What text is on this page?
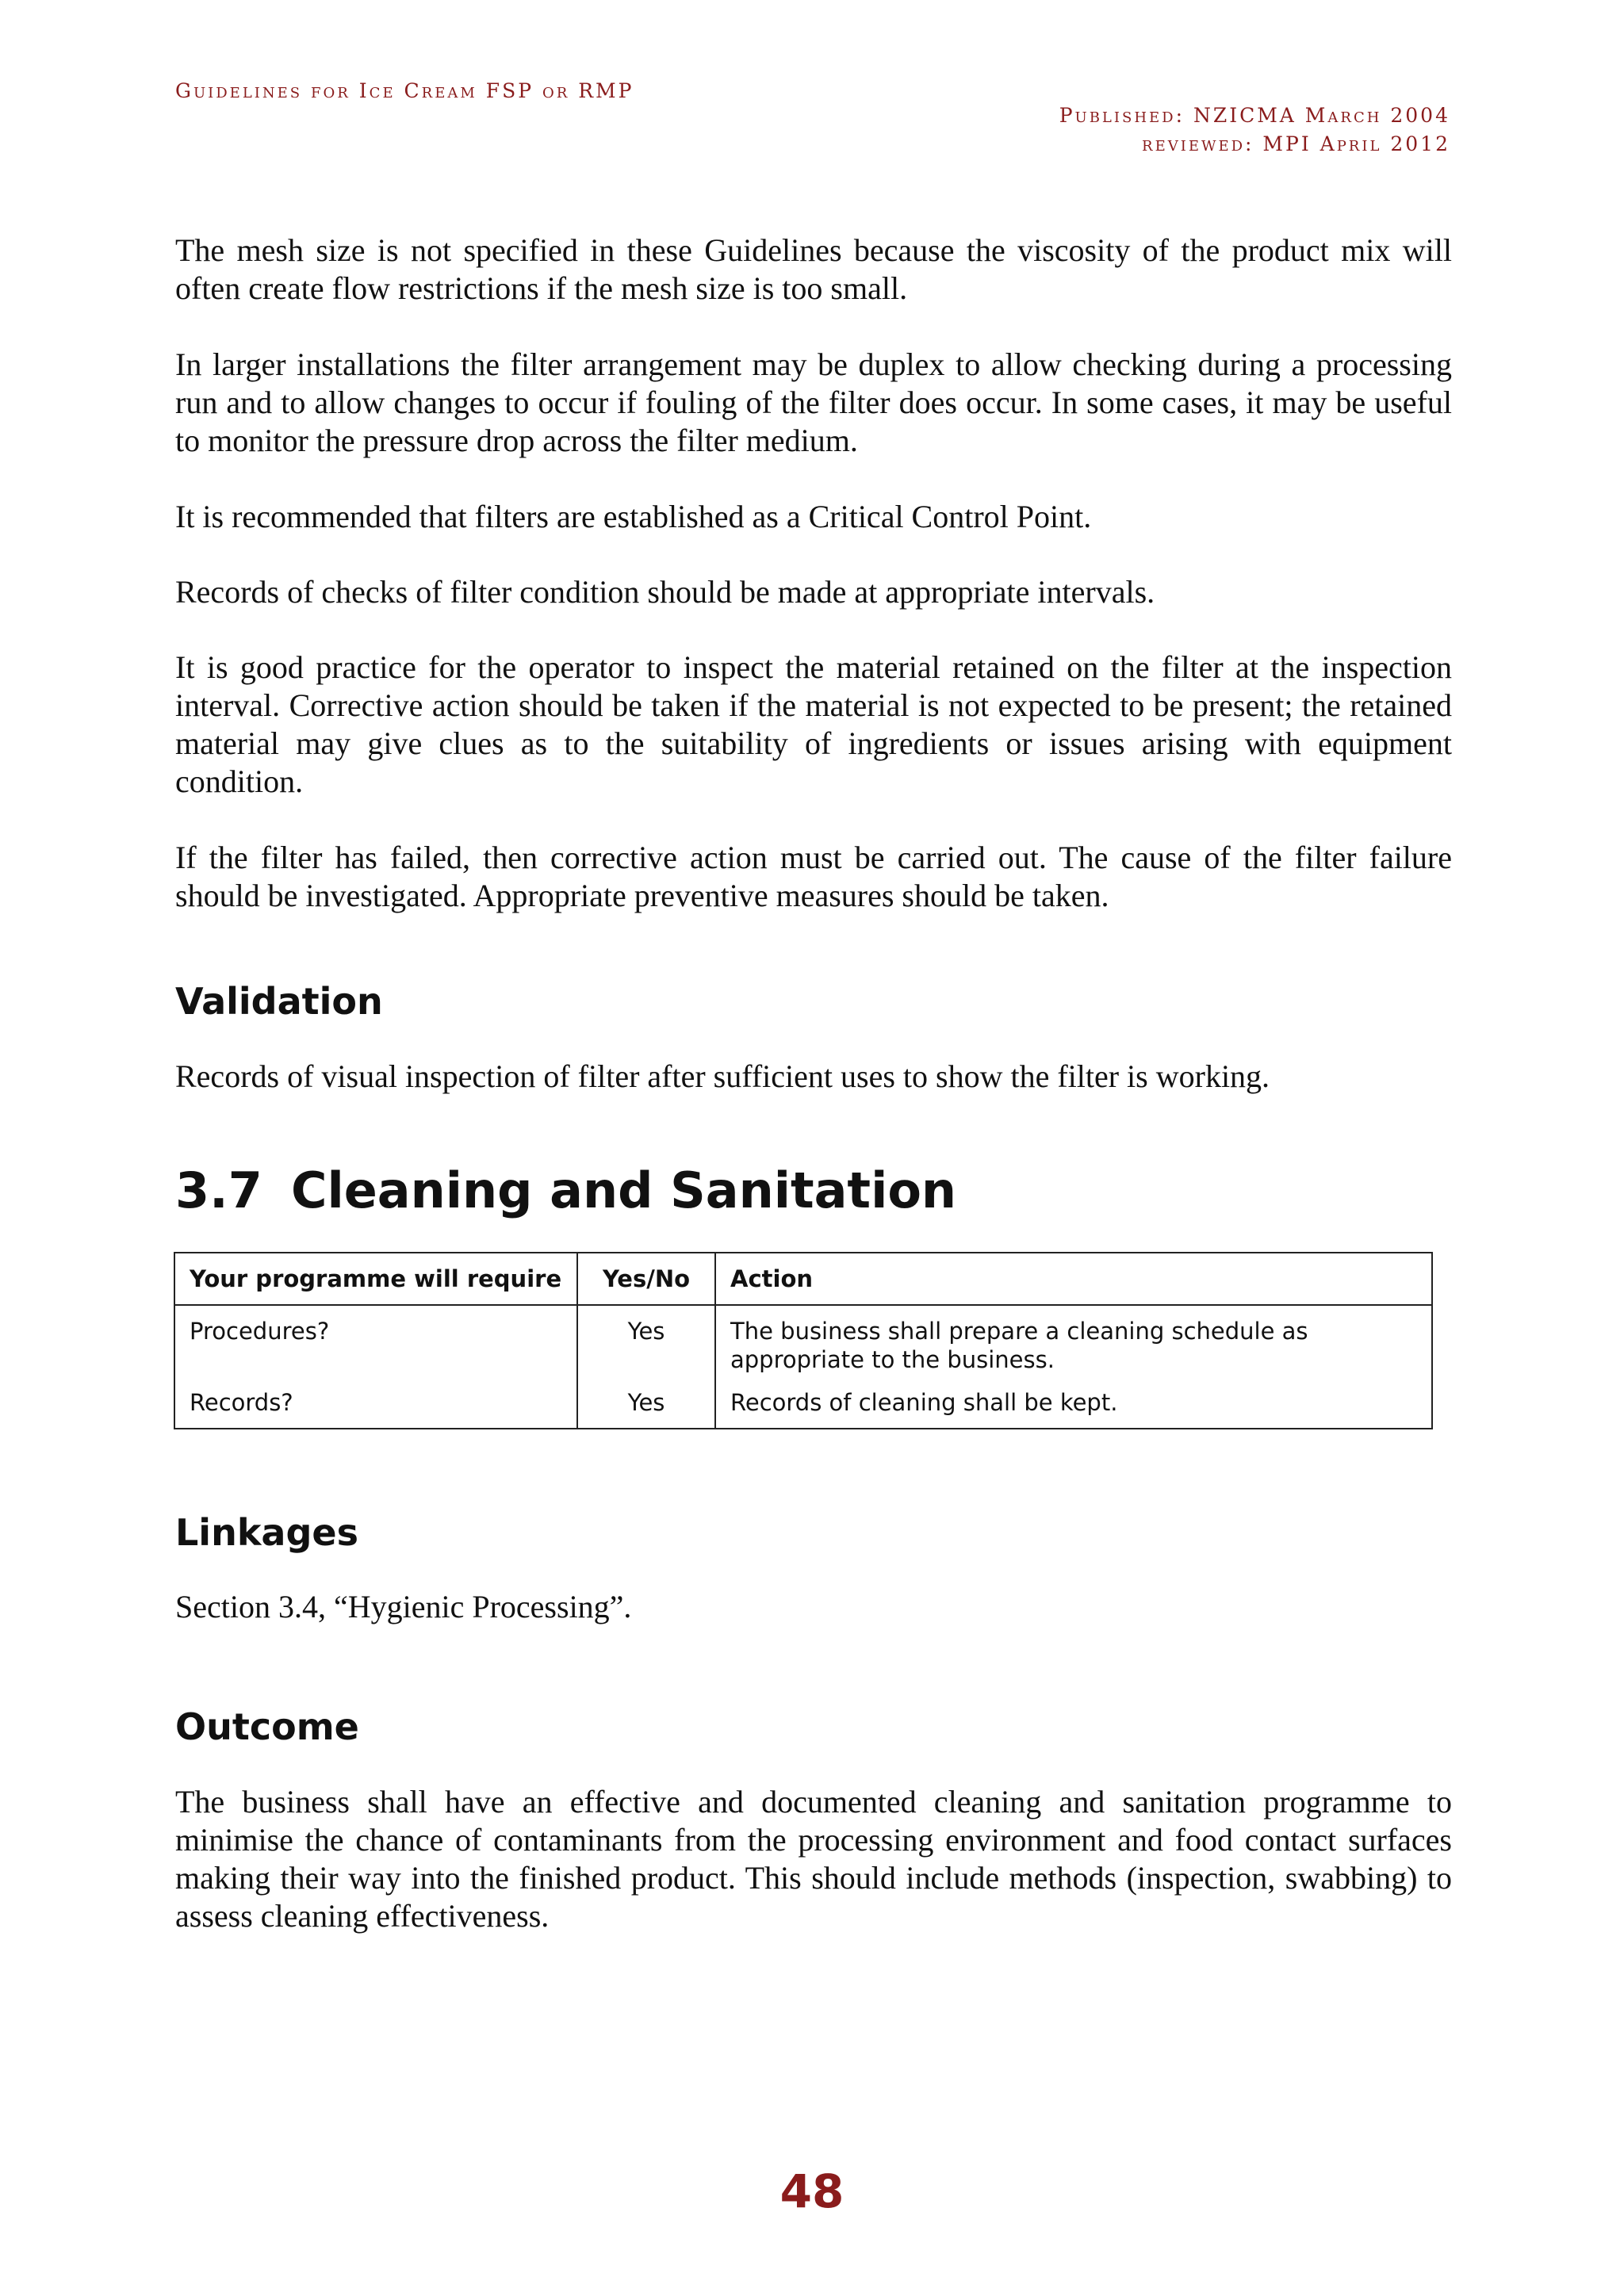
Guidelines for Ice Cream FSP or RMP
Published: NZICMA March 2004
reviewed: MPI April 2012

The mesh size is not specified in these Guidelines because the viscosity of the product mix will often create flow restrictions if the mesh size is too small.

In larger installations the filter arrangement may be duplex to allow checking during a processing run and to allow changes to occur if fouling of the filter does occur. In some cases, it may be useful to monitor the pressure drop across the filter medium.

It is recommended that filters are established as a Critical Control Point.

Records of checks of filter condition should be made at appropriate intervals.

It is good practice for the operator to inspect the material retained on the filter at the inspection interval. Corrective action should be taken if the material is not expected to be present; the retained material may give clues as to the suitability of ingredients or issues arising with equipment condition.

If the filter has failed, then corrective action must be carried out. The cause of the filter failure should be investigated. Appropriate preventive measures should be taken.

Validation

Records of visual inspection of filter after sufficient uses to show the filter is working.

3.7 Cleaning and Sanitation
Your programme will require	Yes/No	Action
Procedures?	Yes	The business shall prepare a cleaning schedule as appropriate to the business.
Records?	Yes	Records of cleaning shall be kept.
Linkages

Section 3.4, “Hygienic Processing”.

Outcome

The business shall have an effective and documented cleaning and sanitation programme to minimise the chance of contaminants from the processing environment and food contact surfaces making their way into the finished product. This should include methods (inspection, swabbing) to assess cleaning effectiveness.

48
